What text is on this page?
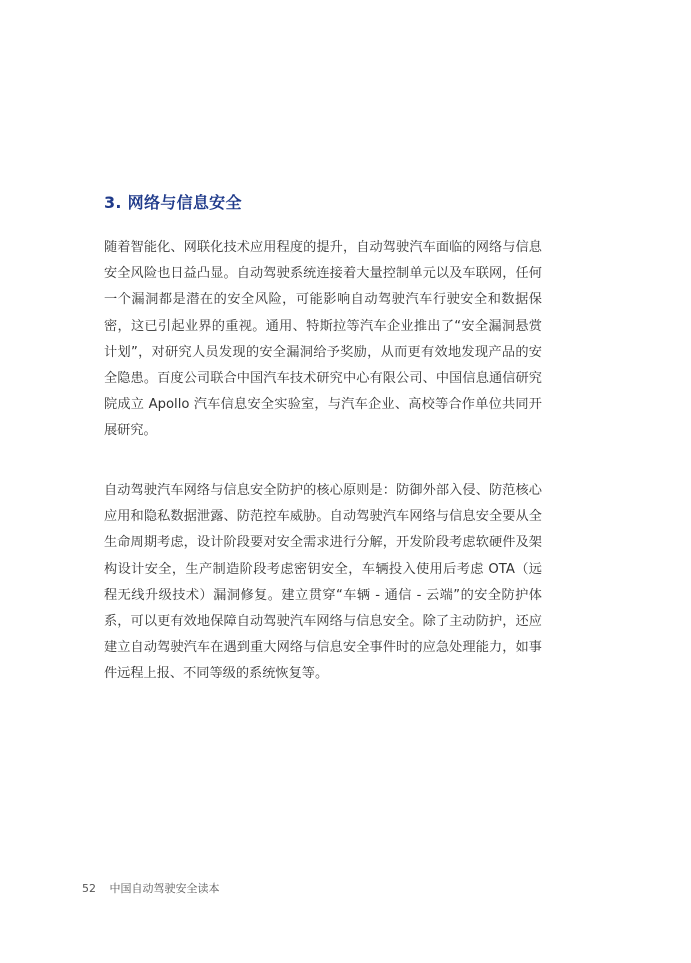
3. 网络与信息安全

随着智能化、网联化技术应用程度的提升，自动驾驶汽车面临的网络与信息安全风险也日益凸显。自动驾驶系统连接着大量控制单元以及车联网，任何一个漏洞都是潜在的安全风险，可能影响自动驾驶汽车行驶安全和数据保密，这已引起业界的重视。通用、特斯拉等汽车企业推出了“安全漏洞悬赏计划”，对研究人员发现的安全漏洞给予奖励，从而更有效地发现产品的安全隐患。百度公司联合中国汽车技术研究中心有限公司、中国信息通信研究院成立 Apollo 汽车信息安全实验室，与汽车企业、高校等合作单位共同开展研究。

自动驾驶汽车网络与信息安全防护的核心原则是：防御外部入侵、防范核心应用和隐私数据泄露、防范控车威胁。自动驾驶汽车网络与信息安全要从全生命周期考虑，设计阶段要对安全需求进行分解，开发阶段考虑软硬件及架构设计安全，生产制造阶段考虑密钥安全，车辆投入使用后考虑 OTA（远程无线升级技术）漏洞修复。建立贯穿“车辆 - 通信 - 云端”的安全防护体系，可以更有效地保障自动驾驶汽车网络与信息安全。除了主动防护，还应建立自动驾驶汽车在遇到重大网络与信息安全事件时的应急处理能力，如事件远程上报、不同等级的系统恢复等。

52 中国自动驾驶安全读本
